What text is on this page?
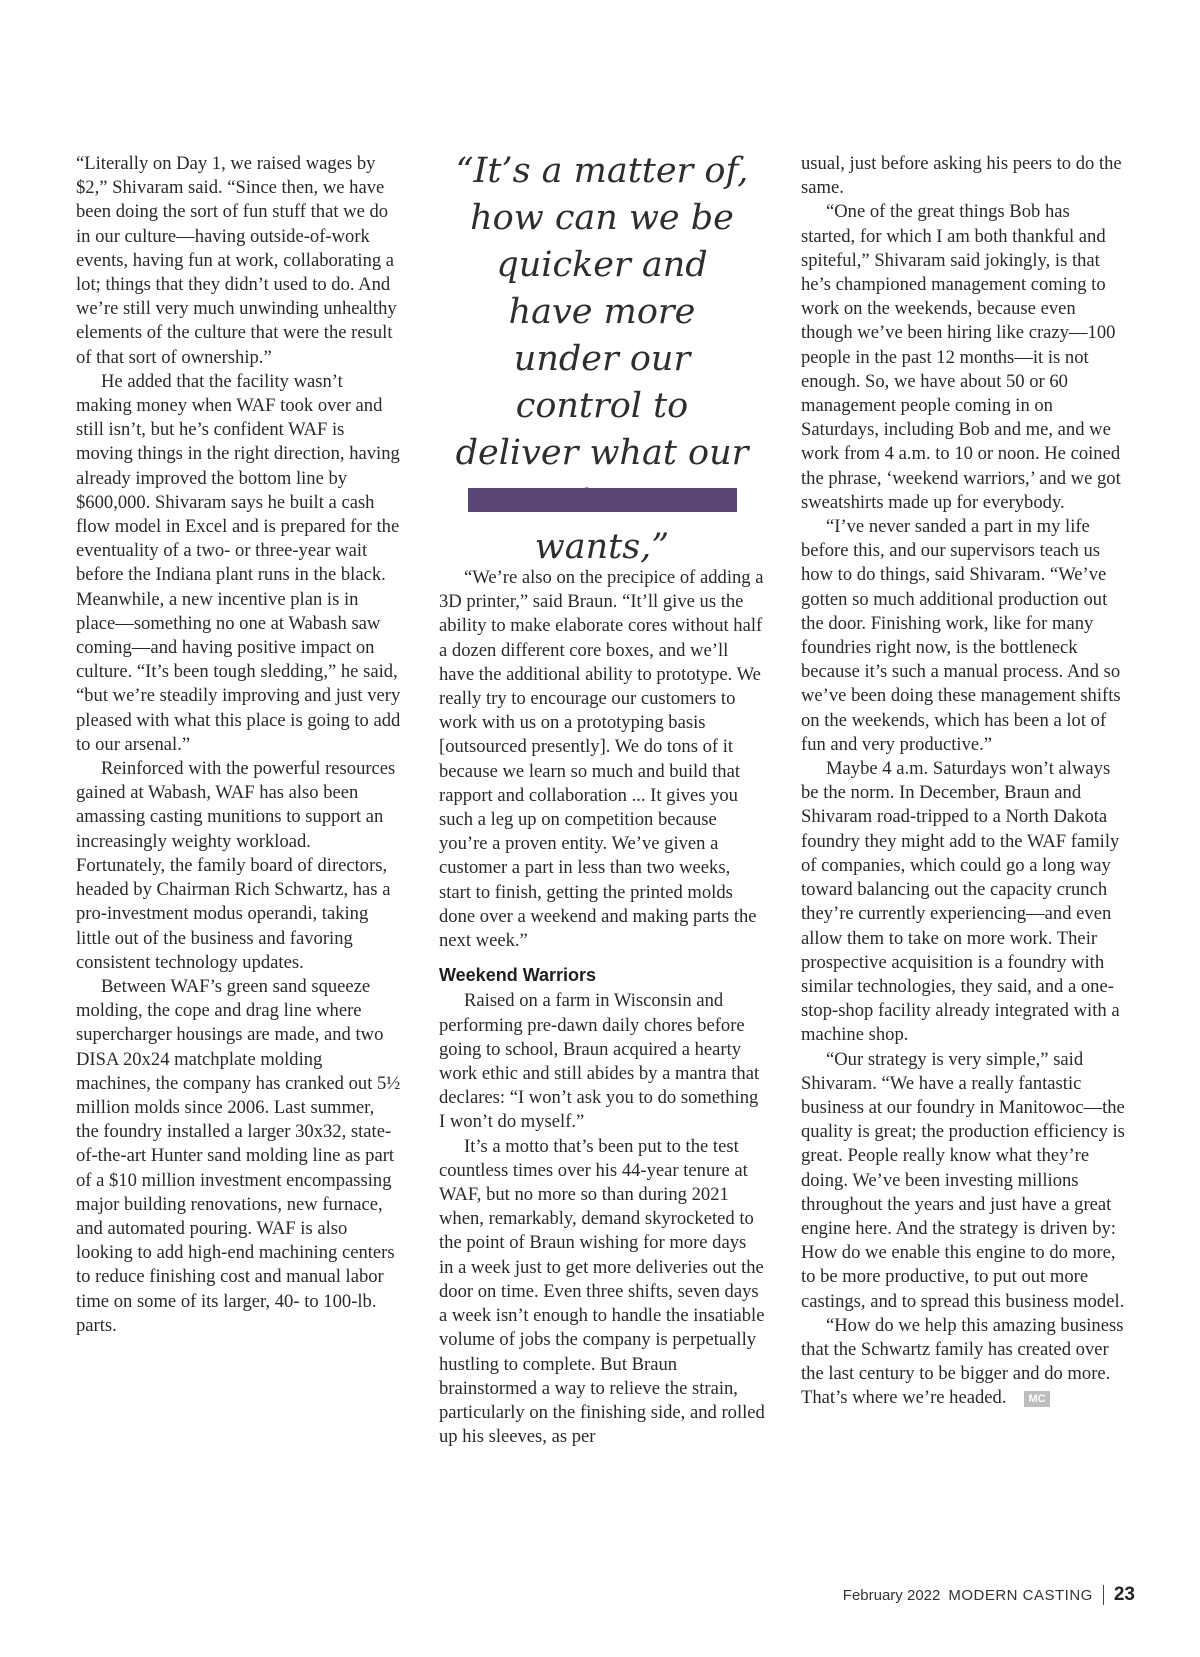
“Literally on Day 1, we raised wages by $2,” Shivaram said. “Since then, we have been doing the sort of fun stuff that we do in our culture—having outside-of-work events, having fun at work, collaborating a lot; things that they didn’t used to do. And we’re still very much unwinding unhealthy elements of the culture that were the result of that sort of ownership.”

He added that the facility wasn’t making money when WAF took over and still isn’t, but he’s confident WAF is moving things in the right direction, having already improved the bottom line by $600,000. Shivaram says he built a cash flow model in Excel and is prepared for the eventuality of a two- or three-year wait before the Indiana plant runs in the black. Meanwhile, a new incentive plan is in place—something no one at Wabash saw coming—and having positive impact on culture. “It’s been tough sledding,” he said, “but we’re steadily improving and just very pleased with what this place is going to add to our arsenal.”

Reinforced with the powerful resources gained at Wabash, WAF has also been amassing casting munitions to support an increasingly weighty workload. Fortunately, the family board of directors, headed by Chairman Rich Schwartz, has a pro-investment modus operandi, taking little out of the business and favoring consistent technology updates.

Between WAF’s green sand squeeze molding, the cope and drag line where supercharger housings are made, and two DISA 20x24 matchplate molding machines, the company has cranked out 5½ million molds since 2006. Last summer, the foundry installed a larger 30x32, state-of-the-art Hunter sand molding line as part of a $10 million investment encompassing major building renovations, new furnace, and automated pouring. WAF is also looking to add high-end machining centers to reduce finishing cost and manual labor time on some of its larger, 40- to 100-lb. parts.

“It’s a matter of, how can we be quicker and have more under our control to deliver what our wants,”

“We’re also on the precipice of adding a 3D printer,” said Braun. “It’ll give us the ability to make elaborate cores without half a dozen different core boxes, and we’ll have the additional ability to prototype. We really try to encourage our customers to work with us on a prototyping basis [outsourced presently]. We do tons of it because we learn so much and build that rapport and collaboration ... It gives you such a leg up on competition because you’re a proven entity. We’ve given a customer a part in less than two weeks, start to finish, getting the printed molds done over a weekend and making parts the next week.”

Weekend Warriors

Raised on a farm in Wisconsin and performing pre-dawn daily chores before going to school, Braun acquired a hearty work ethic and still abides by a mantra that declares: “I won’t ask you to do something I won’t do myself.”

It’s a motto that’s been put to the test countless times over his 44-year tenure at WAF, but no more so than during 2021 when, remarkably, demand skyrocketed to the point of Braun wishing for more days in a week just to get more deliveries out the door on time. Even three shifts, seven days a week isn’t enough to handle the insatiable volume of jobs the company is perpetually hustling to complete. But Braun brainstormed a way to relieve the strain, particularly on the finishing side, and rolled up his sleeves, as per

usual, just before asking his peers to do the same.

“One of the great things Bob has started, for which I am both thankful and spiteful,” Shivaram said jokingly, is that he’s championed management coming to work on the weekends, because even though we’ve been hiring like crazy—100 people in the past 12 months—it is not enough. So, we have about 50 or 60 management people coming in on Saturdays, including Bob and me, and we work from 4 a.m. to 10 or noon. He coined the phrase, ‘weekend warriors,’ and we got sweatshirts made up for everybody.

“I’ve never sanded a part in my life before this, and our supervisors teach us how to do things, said Shivaram. “We’ve gotten so much additional production out the door. Finishing work, like for many foundries right now, is the bottleneck because it’s such a manual process. And so we’ve been doing these management shifts on the weekends, which has been a lot of fun and very productive.”

Maybe 4 a.m. Saturdays won’t always be the norm. In December, Braun and Shivaram road-tripped to a North Dakota foundry they might add to the WAF family of companies, which could go a long way toward balancing out the capacity crunch they’re currently experiencing—and even allow them to take on more work. Their prospective acquisition is a foundry with similar technologies, they said, and a one-stop-shop facility already integrated with a machine shop.

“Our strategy is very simple,” said Shivaram. “We have a really fantastic business at our foundry in Manitowoc—the quality is great; the production efficiency is great. People really know what they’re doing. We’ve been investing millions throughout the years and just have a great engine here. And the strategy is driven by: How do we enable this engine to do more, to be more productive, to put out more castings, and to spread this business model.

“How do we help this amazing business that the Schwartz family has created over the last century to be bigger and do more. That’s where we’re headed. MC

February 2022 MODERN CASTING 23
